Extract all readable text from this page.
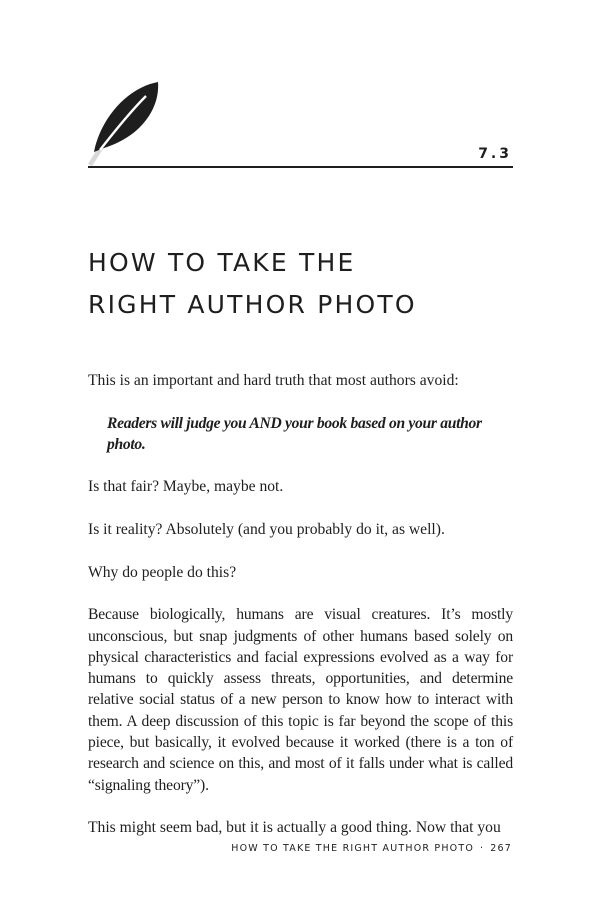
7.3
HOW TO TAKE THE
RIGHT AUTHOR PHOTO

This is an important and hard truth that most authors avoid:

Readers will judge you AND your book based on your author photo.

Is that fair? Maybe, maybe not.

Is it reality? Absolutely (and you probably do it, as well).

Why do people do this?

Because biologically, humans are visual creatures. It’s mostly unconscious, but snap judgments of other humans based solely on physical characteristics and facial expressions evolved as a way for humans to quickly assess threats, opportunities, and determine relative social status of a new person to know how to interact with them. A deep discussion of this topic is far beyond the scope of this piece, but basically, it evolved because it worked (there is a ton of research and science on this, and most of it falls under what is called “signaling theory”).

This might seem bad, but it is actually a good thing. Now that you

HOW TO TAKE THE RIGHT AUTHOR PHOTO · 267
